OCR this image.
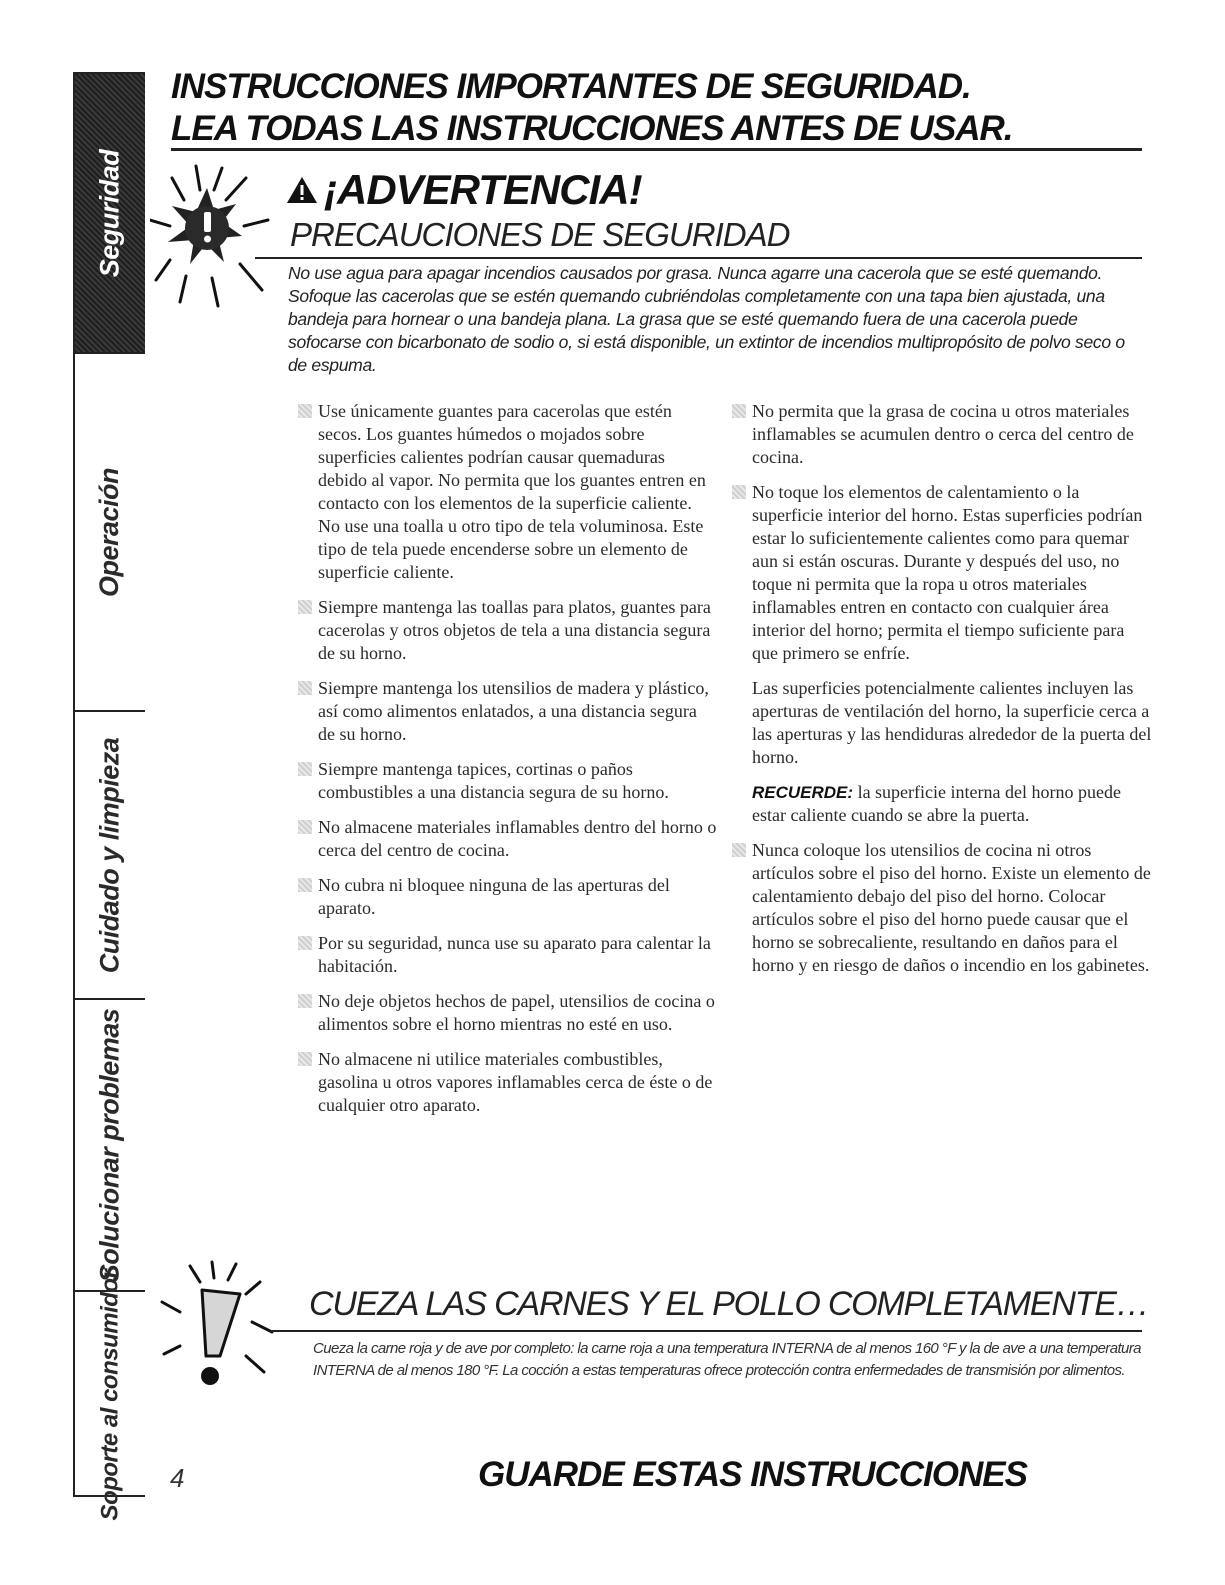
Seguridad
Operación
Cuidado y limpieza
Solucionar problemas
Soporte al consumidor
INSTRUCCIONES IMPORTANTES DE SEGURIDAD.
LEA TODAS LAS INSTRUCCIONES ANTES DE USAR.
¡ADVERTENCIA!
PRECAUCIONES DE SEGURIDAD
No use agua para apagar incendios causados por grasa. Nunca agarre una cacerola que se esté quemando. Sofoque las cacerolas que se estén quemando cubriéndolas completamente con una tapa bien ajustada, una bandeja para hornear o una bandeja plana. La grasa que se esté quemando fuera de una cacerola puede sofocarse con bicarbonato de sodio o, si está disponible, un extintor de incendios multipropósito de polvo seco o de espuma.
Use únicamente guantes para cacerolas que estén secos. Los guantes húmedos o mojados sobre superficies calientes podrían causar quemaduras debido al vapor. No permita que los guantes entren en contacto con los elementos de la superficie caliente. No use una toalla u otro tipo de tela voluminosa. Este tipo de tela puede encenderse sobre un elemento de superficie caliente.
Siempre mantenga las toallas para platos, guantes para cacerolas y otros objetos de tela a una distancia segura de su horno.
Siempre mantenga los utensilios de madera y plástico, así como alimentos enlatados, a una distancia segura de su horno.
Siempre mantenga tapices, cortinas o paños combustibles a una distancia segura de su horno.
No almacene materiales inflamables dentro del horno o cerca del centro de cocina.
No cubra ni bloquee ninguna de las aperturas del aparato.
Por su seguridad, nunca use su aparato para calentar la habitación.
No deje objetos hechos de papel, utensilios de cocina o alimentos sobre el horno mientras no esté en uso.
No almacene ni utilice materiales combustibles, gasolina u otros vapores inflamables cerca de éste o de cualquier otro aparato.
No permita que la grasa de cocina u otros materiales inflamables se acumulen dentro o cerca del centro de cocina.
No toque los elementos de calentamiento o la superficie interior del horno. Estas superficies podrían estar lo suficientemente calientes como para quemar aun si están oscuras. Durante y después del uso, no toque ni permita que la ropa u otros materiales inflamables entren en contacto con cualquier área interior del horno; permita el tiempo suficiente para que primero se enfríe.
Las superficies potencialmente calientes incluyen las aperturas de ventilación del horno, la superficie cerca a las aperturas y las hendiduras alrededor de la puerta del horno.
RECUERDE: la superficie interna del horno puede estar caliente cuando se abre la puerta.
Nunca coloque los utensilios de cocina ni otros artículos sobre el piso del horno. Existe un elemento de calentamiento debajo del piso del horno. Colocar artículos sobre el piso del horno puede causar que el horno se sobrecaliente, resultando en daños para el horno y en riesgo de daños o incendio en los gabinetes.
CUEZA LAS CARNES Y EL POLLO COMPLETAMENTE…
Cueza la carne roja y de ave por completo: la carne roja a una temperatura INTERNA de al menos 160 °F y la de ave a una temperatura INTERNA de al menos 180 °F. La cocción a estas temperaturas ofrece protección contra enfermedades de transmisión por alimentos.
4	GUARDE ESTAS INSTRUCCIONES
